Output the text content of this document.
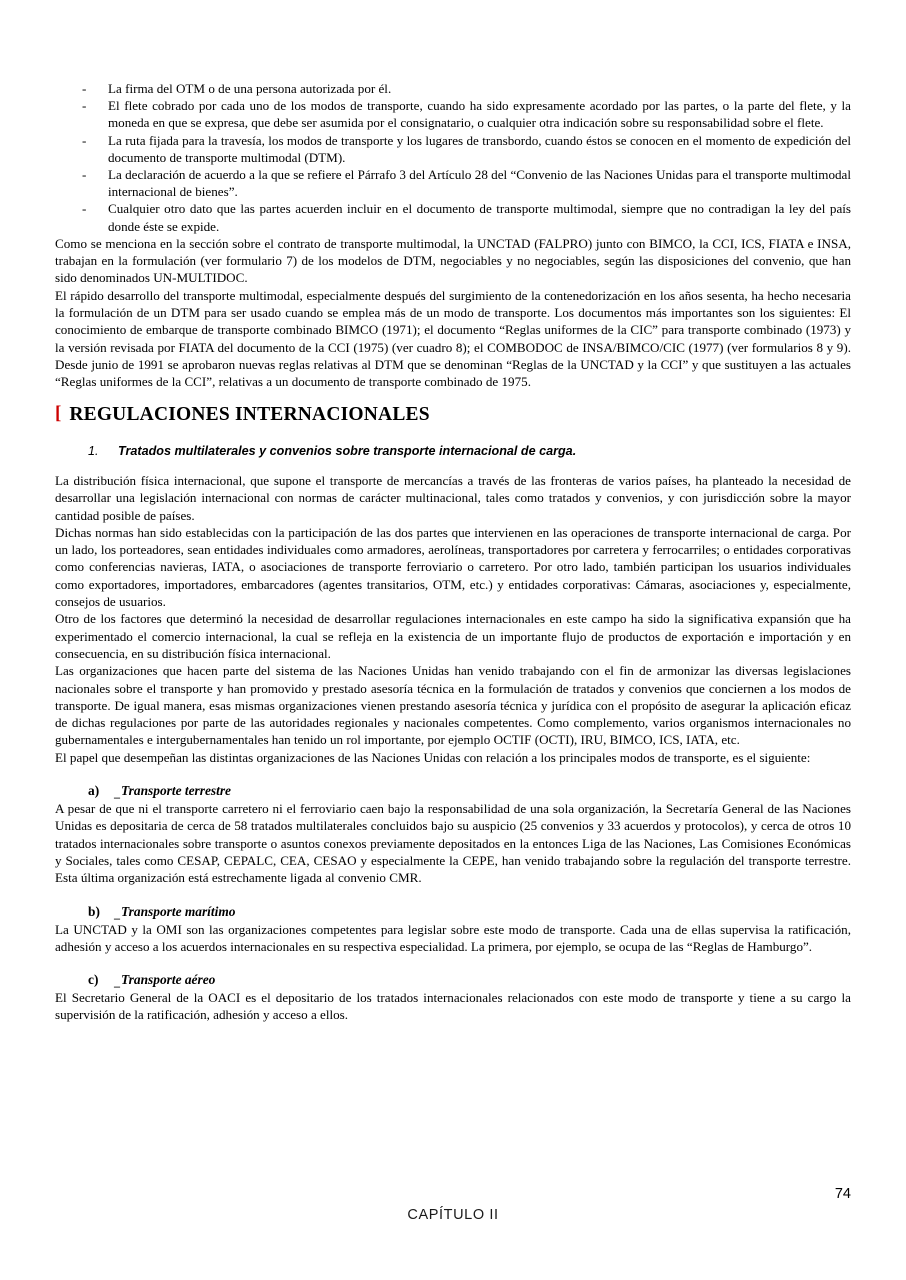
- La firma del OTM o de una persona autorizada por él.
- El flete cobrado por cada uno de los modos de transporte, cuando ha sido expresamente acordado por las partes, o la parte del flete, y la moneda en que se expresa, que debe ser asumida por el consignatario, o cualquier otra indicación sobre su responsabilidad sobre el flete.
- La ruta fijada para la travesía, los modos de transporte y los lugares de transbordo, cuando éstos se conocen en el momento de expedición del documento de transporte multimodal (DTM).
- La declaración de acuerdo a la que se refiere el Párrafo 3 del Artículo 28 del “Convenio de las Naciones Unidas para el transporte multimodal internacional de bienes”.
- Cualquier otro dato que las partes acuerden incluir en el documento de transporte multimodal, siempre que no contradigan la ley del país donde éste se expide.

Como se menciona en la sección sobre el contrato de transporte multimodal, la UNCTAD (FALPRO) junto con BIMCO, la CCI, ICS, FIATA e INSA, trabajan en la formulación (ver formulario 7) de los modelos de DTM, negociables y no negociables, según las disposiciones del convenio, que han sido denominados UN-MULTIDOC.

El rápido desarrollo del transporte multimodal, especialmente después del surgimiento de la contenedorización en los años sesenta, ha hecho necesaria la formulación de un DTM para ser usado cuando se emplea más de un modo de transporte. Los documentos más importantes son los siguientes: El conocimiento de embarque de transporte combinado BIMCO (1971); el documento “Reglas uniformes de la CIC” para transporte combinado (1973) y la versión revisada por FIATA del documento de la CCI (1975) (ver cuadro 8); el COMBODOC de INSA/BIMCO/CIC (1977) (ver formularios 8 y 9). Desde junio de 1991 se aprobaron nuevas reglas relativas al DTM que se denominan “Reglas de la UNCTAD y la CCI” y que sustituyen a las actuales “Reglas uniformes de la CCI”, relativas a un documento de transporte combinado de 1975.

[ REGULACIONES INTERNACIONALES
1.	Tratados multilaterales y convenios sobre transporte internacional de carga.

La distribución física internacional, que supone el transporte de mercancías a través de las fronteras de varios países, ha planteado la necesidad de desarrollar una legislación internacional con normas de carácter multinacional, tales como tratados y convenios, y con jurisdicción sobre la mayor cantidad posible de países.

Dichas normas han sido establecidas con la participación de las dos partes que intervienen en las operaciones de transporte internacional de carga. Por un lado, los porteadores, sean entidades individuales como armadores, aerolíneas, transportadores por carretera y ferrocarriles; o entidades corporativas como conferencias navieras, IATA, o asociaciones de transporte ferroviario o carretero. Por otro lado, también participan los usuarios individuales como exportadores, importadores, embarcadores (agentes transitarios, OTM, etc.) y entidades corporativas: Cámaras, asociaciones y, especialmente, consejos de usuarios.

Otro de los factores que determinó la necesidad de desarrollar regulaciones internacionales en este campo ha sido la significativa expansión que ha experimentado el comercio internacional, la cual se refleja en la existencia de un importante flujo de productos de exportación e importación y en consecuencia, en su distribución física internacional.

Las organizaciones que hacen parte del sistema de las Naciones Unidas han venido trabajando con el fin de armonizar las diversas legislaciones nacionales sobre el transporte y han promovido y prestado asesoría técnica en la formulación de tratados y convenios que conciernen a los modos de transporte. De igual manera, esas mismas organizaciones vienen prestando asesoría técnica y jurídica con el propósito de asegurar la aplicación eficaz de dichas regulaciones por parte de las autoridades regionales y nacionales competentes. Como complemento, varios organismos internacionales no gubernamentales e intergubernamentales han tenido un rol importante, por ejemplo OCTIF (OCTI), IRU, BIMCO, ICS, IATA, etc.

El papel que desempeñan las distintas organizaciones de las Naciones Unidas con relación a los principales modos de transporte, es el siguiente:

a) _Transporte terrestre

A pesar de que ni el transporte carretero ni el ferroviario caen bajo la responsabilidad de una sola organización, la Secretaría General de las Naciones Unidas es depositaria de cerca de 58 tratados multilaterales concluidos bajo su auspicio (25 convenios y 33 acuerdos y protocolos), y cerca de otros 10 tratados internacionales sobre transporte o asuntos conexos previamente depositados en la entonces Liga de las Naciones, Las Comisiones Económicas y Sociales, tales como CESAP, CEPALC, CEA, CESAO y especialmente la CEPE, han venido trabajando sobre la regulación del transporte terrestre. Esta última organización está estrechamente ligada al convenio CMR.

b) _Transporte marítimo

La UNCTAD y la OMI son las organizaciones competentes para legislar sobre este modo de transporte. Cada una de ellas supervisa la ratificación, adhesión y acceso a los acuerdos internacionales en su respectiva especialidad. La primera, por ejemplo, se ocupa de las “Reglas de Hamburgo”.

c) _Transporte aéreo

El Secretario General de la OACI es el depositario de los tratados internacionales relacionados con este modo de transporte y tiene a su cargo la supervisión de la ratificación, adhesión y acceso a ellos.

74
CAPÍTULO II
